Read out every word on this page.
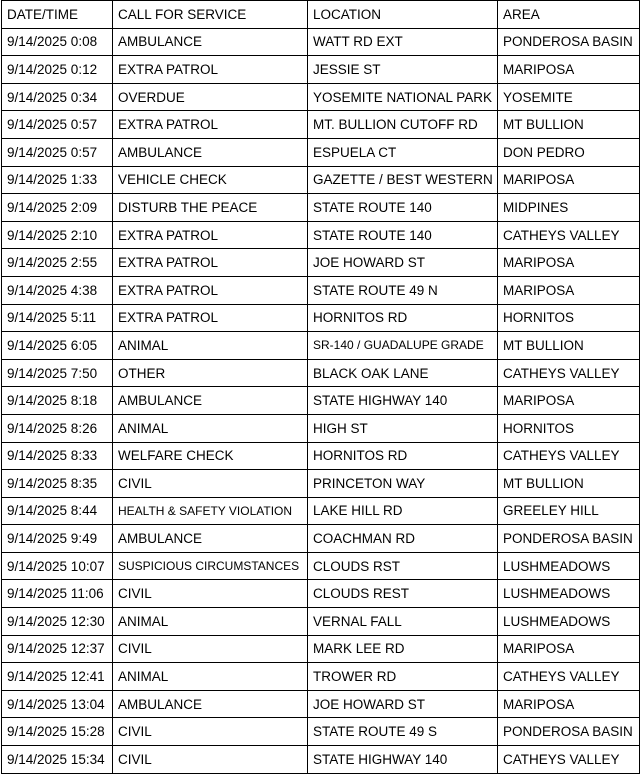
DATE/TIME	CALL FOR SERVICE	LOCATION	AREA
9/14/2025 0:08	AMBULANCE	WATT RD EXT	PONDEROSA BASIN
9/14/2025 0:12	EXTRA PATROL	JESSIE ST	MARIPOSA
9/14/2025 0:34	OVERDUE	YOSEMITE NATIONAL PARK	YOSEMITE
9/14/2025 0:57	EXTRA PATROL	MT. BULLION CUTOFF RD	MT BULLION
9/14/2025 0:57	AMBULANCE	ESPUELA CT	DON PEDRO
9/14/2025 1:33	VEHICLE CHECK	GAZETTE / BEST WESTERN	MARIPOSA
9/14/2025 2:09	DISTURB THE PEACE	STATE ROUTE 140	MIDPINES
9/14/2025 2:10	EXTRA PATROL	STATE ROUTE 140	CATHEYS VALLEY
9/14/2025 2:55	EXTRA PATROL	JOE HOWARD ST	MARIPOSA
9/14/2025 4:38	EXTRA PATROL	STATE ROUTE 49 N	MARIPOSA
9/14/2025 5:11	EXTRA PATROL	HORNITOS RD	HORNITOS
9/14/2025 6:05	ANIMAL	SR-140 / GUADALUPE GRADE	MT BULLION
9/14/2025 7:50	OTHER	BLACK OAK LANE	CATHEYS VALLEY
9/14/2025 8:18	AMBULANCE	STATE HIGHWAY 140	MARIPOSA
9/14/2025 8:26	ANIMAL	HIGH ST	HORNITOS
9/14/2025 8:33	WELFARE CHECK	HORNITOS RD	CATHEYS VALLEY
9/14/2025 8:35	CIVIL	PRINCETON WAY	MT BULLION
9/14/2025 8:44	HEALTH & SAFETY VIOLATION	LAKE HILL RD	GREELEY HILL
9/14/2025 9:49	AMBULANCE	COACHMAN RD	PONDEROSA BASIN
9/14/2025 10:07	SUSPICIOUS CIRCUMSTANCES	CLOUDS RST	LUSHMEADOWS
9/14/2025 11:06	CIVIL	CLOUDS REST	LUSHMEADOWS
9/14/2025 12:30	ANIMAL	VERNAL FALL	LUSHMEADOWS
9/14/2025 12:37	CIVIL	MARK LEE RD	MARIPOSA
9/14/2025 12:41	ANIMAL	TROWER RD	CATHEYS VALLEY
9/14/2025 13:04	AMBULANCE	JOE HOWARD ST	MARIPOSA
9/14/2025 15:28	CIVIL	STATE ROUTE 49 S	PONDEROSA BASIN
9/14/2025 15:34	CIVIL	STATE HIGHWAY 140	CATHEYS VALLEY
